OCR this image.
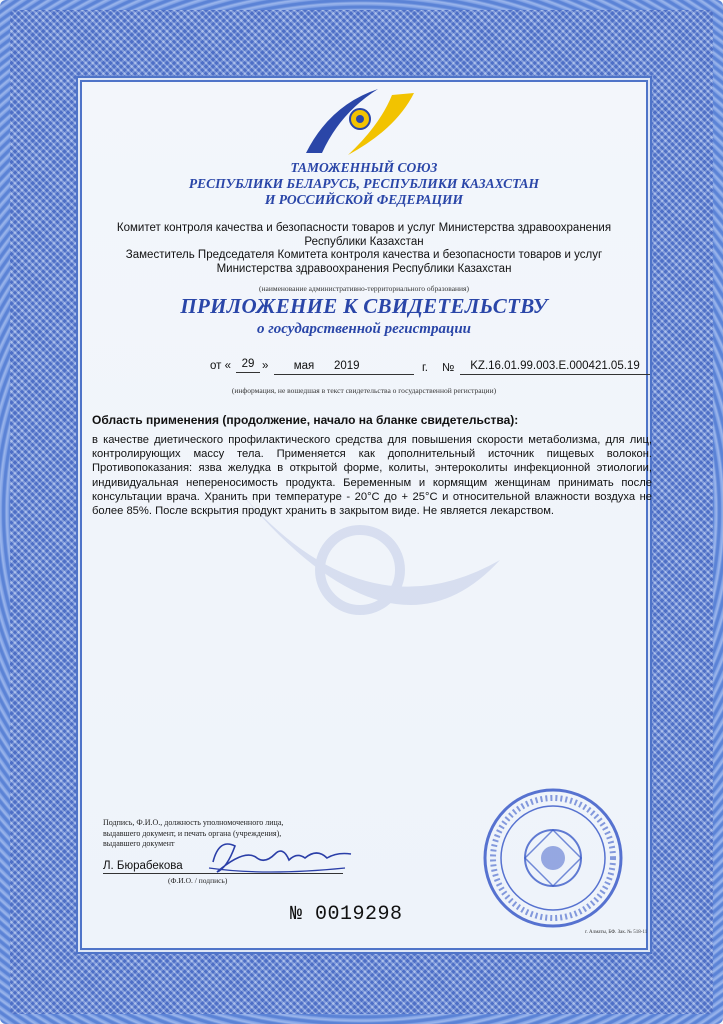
ТАМОЖЕННЫЙ СОЮЗ
РЕСПУБЛИКИ БЕЛАРУСЬ, РЕСПУБЛИКИ КАЗАХСТАН
И РОССИЙСКОЙ ФЕДЕРАЦИИ
Комитет контроля качества и безопасности товаров и услуг Министерства здравоохранения
Республики Казахстан
Заместитель Председателя Комитета контроля качества и безопасности товаров и услуг
Министерства здравоохранения Республики Казахстан
(наименование административно-территориального образования)
ПРИЛОЖЕНИЕ К СВИДЕТЕЛЬСТВУ
о государственной регистрации
от « 29 »	мая	2019	г. №	KZ.16.01.99.003.E.000421.05.19
(информация, не вошедшая в текст свидетельства о государственной регистрации)
Область применения (продолжение, начало на бланке свидетельства):
в качестве диетического профилактического средства для повышения скорости метаболизма, для лиц, контролирующих массу тела. Применяется как дополнительный источник пищевых волокон. Противопоказания: язва желудка в открытой форме, колиты, энтероколиты инфекционной этиологии, индивидуальная непереносимость продукта. Беременным и кормящим женщинам принимать после консультации врача. Хранить при температуре - 20°С до + 25°С и относительной влажности воздуха не более 85%. После вскрытия продукт хранить в закрытом виде. Не является лекарством.
Подпись, Ф.И.О., должность уполномоченного лица,
выдавшего документ, и печать органа (учреждения),
выдавшего документ
Л. Бюрабекова
(Ф.И.О. / подпись)
№ 0019298
г. Алматы, БФ. Зак. № 518-11
